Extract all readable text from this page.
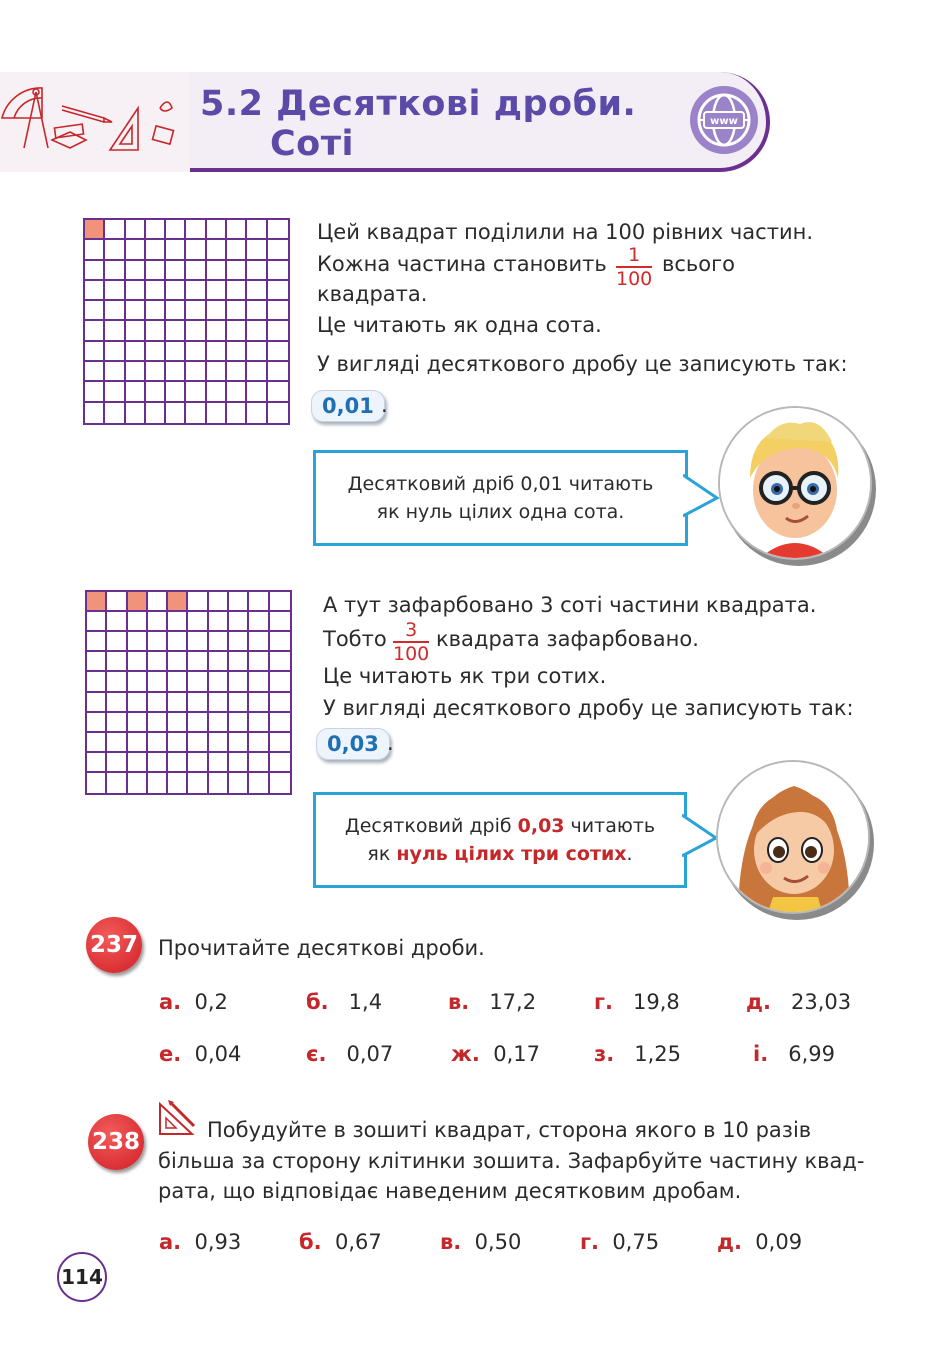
5.2 Десяткові дроби.
Соті
www
Цей квадрат поділили на 100 рівних частин.
Кожна частина становить 1
100
всього
квадрата.
Це читають як одна сота.
У вигляді десяткового дробу це записують так:
0,01 .
Десятковий дріб 0,01 читають
як нуль цілих одна сота.
А тут зафарбовано 3 соті частини квадрата.
Тобто 3
100
квадрата зафарбовано.
Це читають як три сотих.
У вигляді десяткового дробу це записують так:
0,03 .
Десятковий дріб 0,03 читають
як нуль цілих три сотих.
237 Прочитайте десяткові дроби.
а. 0,2	б. 1,4	в. 17,2	г. 19,8	д. 23,03
е. 0,04	є. 0,07	ж. 0,17	з. 1,25	і. 6,99
238	Побудуйте в зошиті квадрат, сторона якого в 10 разів
більша за сторону клітинки зошита. Зафарбуйте частину квад-
рата, що відповідає наведеним десятковим дробам.
а. 0,93	б. 0,67	в. 0,50	г. 0,75	д. 0,09
114
